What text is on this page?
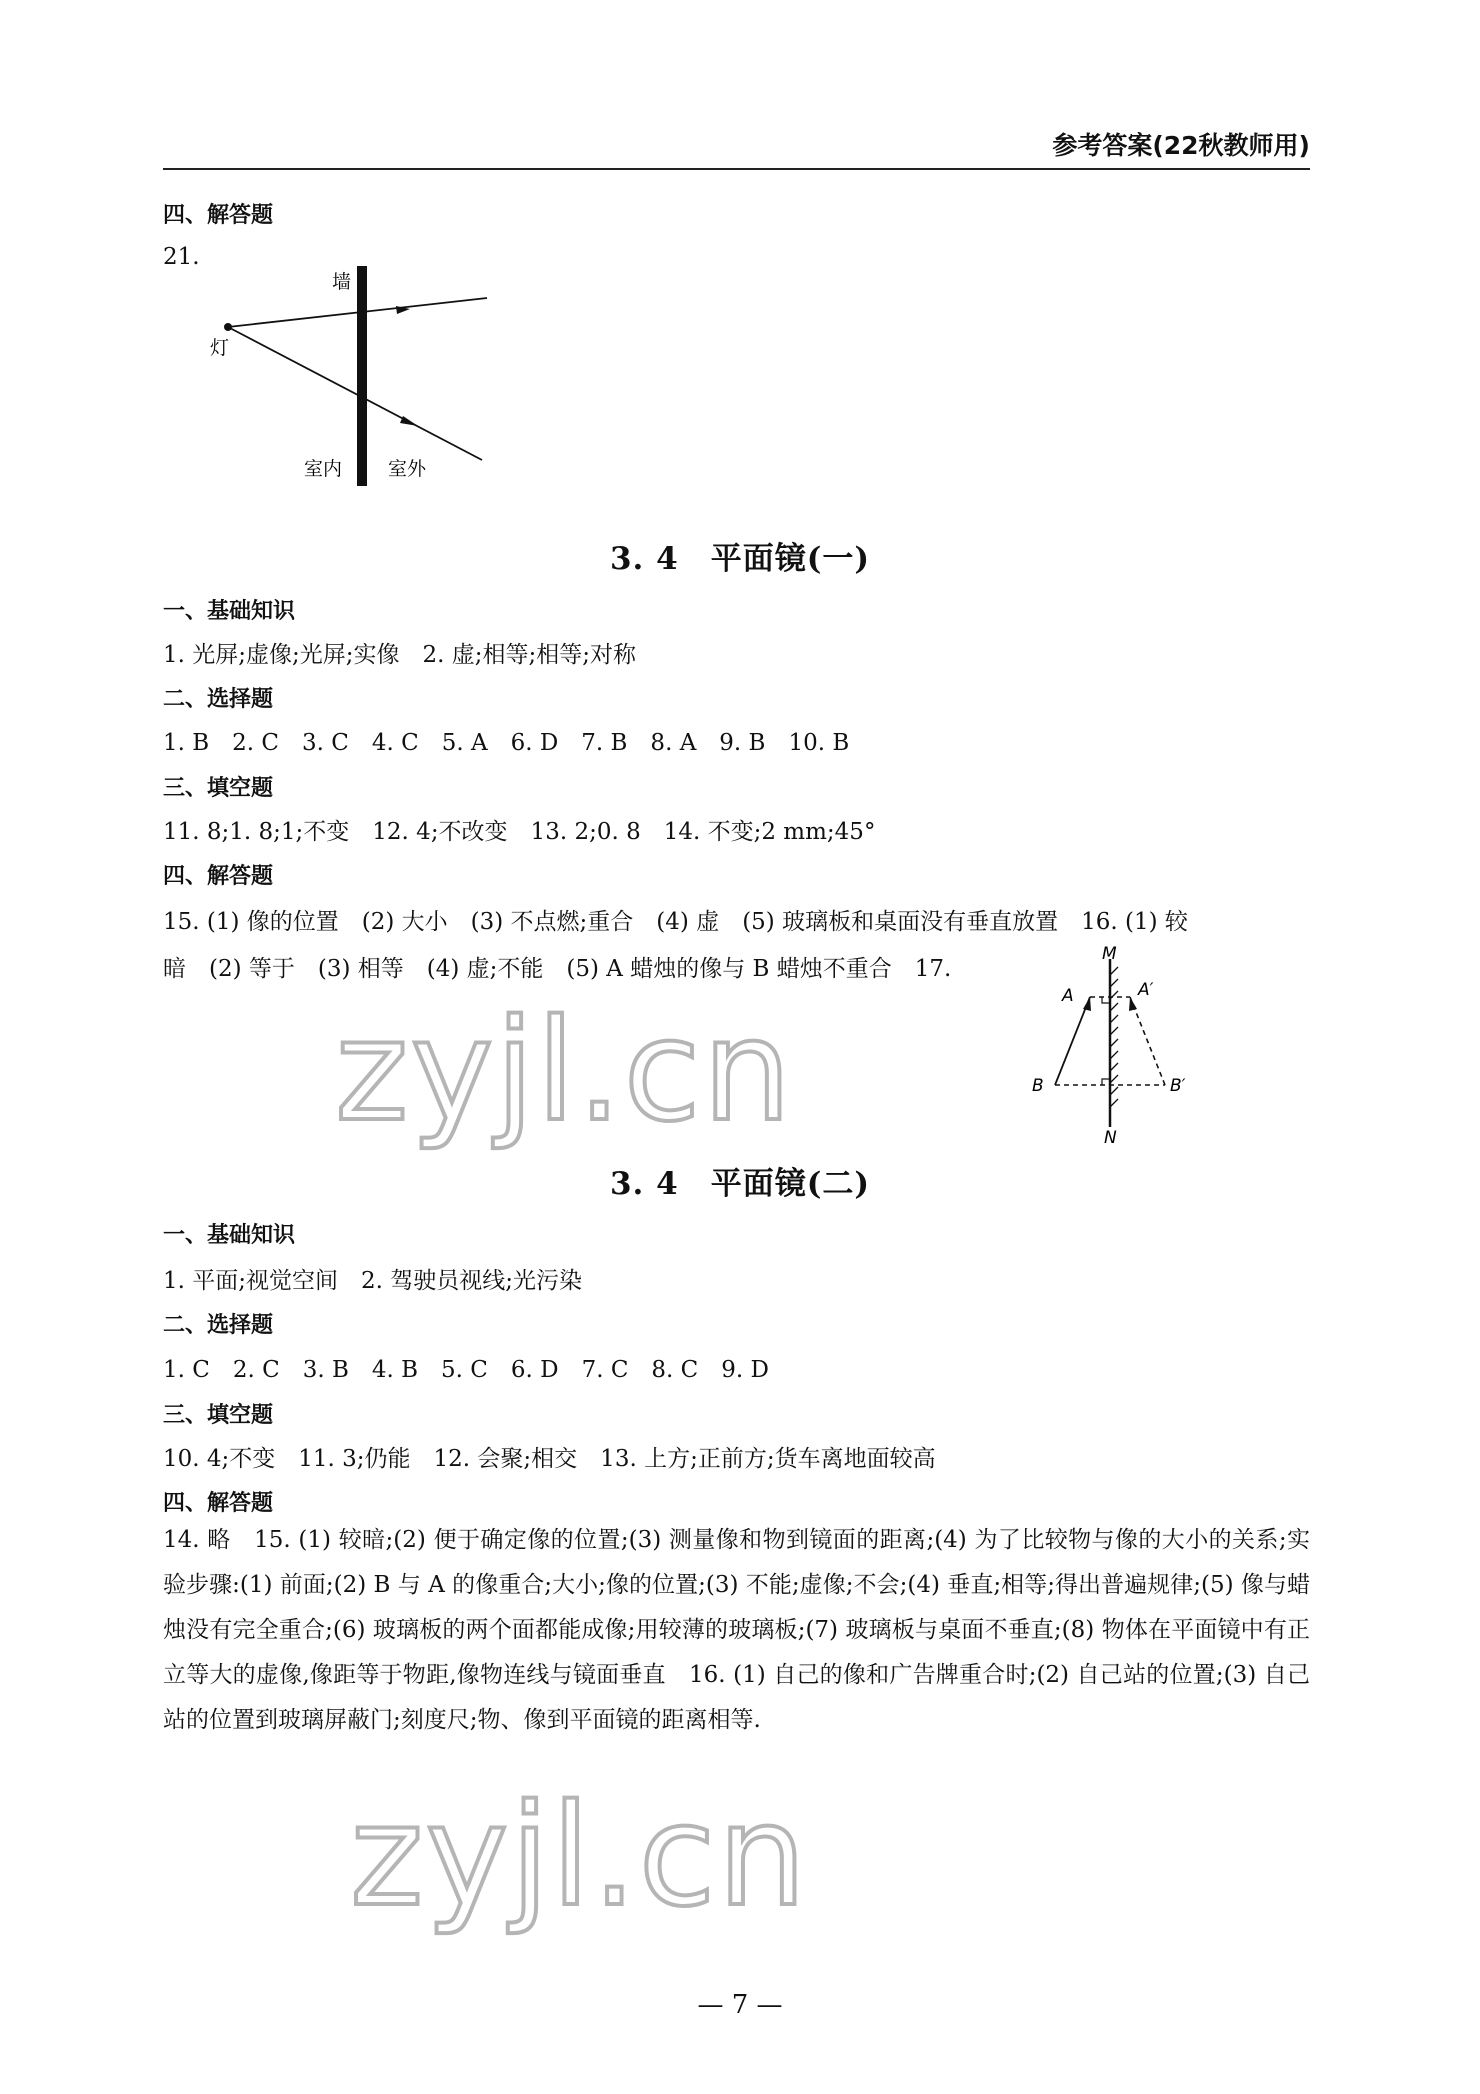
参考答案(22秋教师用)
四、解答题
21.
墙
灯
室内 室外
3. 4　平面镜(一)
一、基础知识
1. 光屏;虚像;光屏;实像　2. 虚;相等;相等;对称
二、选择题
1. B　2. C　3. C　4. C　5. A　6. D　7. B　8. A　9. B　10. B
三、填空题
11. 8;1. 8;1;不变　12. 4;不改变　13. 2;0. 8　14. 不变;2 mm;45°
四、解答题
15. (1) 像的位置　(2) 大小　(3) 不点燃;重合　(4) 虚　(5) 玻璃板和桌面没有垂直放置　16. (1) 较
暗　(2) 等于　(3) 相等　(4) 虚;不能　(5) A 蜡烛的像与 B 蜡烛不重合　17.
M
N
A	A′
B	B′
zyjl.cn
3. 4　平面镜(二)
一、基础知识
1. 平面;视觉空间　2. 驾驶员视线;光污染
二、选择题
1. C　2. C　3. B　4. B　5. C　6. D　7. C　8. C　9. D
三、填空题
10. 4;不变　11. 3;仍能　12. 会聚;相交　13. 上方;正前方;货车离地面较高
四、解答题
14. 略　15. (1) 较暗;(2) 便于确定像的位置;(3) 测量像和物到镜面的距离;(4) 为了比较物与像的大小的关系;实验步骤:(1) 前面;(2) B 与 A 的像重合;大小;像的位置;(3) 不能;虚像;不会;(4) 垂直;相等;得出普遍规律;(5) 像与蜡烛没有完全重合;(6) 玻璃板的两个面都能成像;用较薄的玻璃板;(7) 玻璃板与桌面不垂直;(8) 物体在平面镜中有正立等大的虚像,像距等于物距,像物连线与镜面垂直　16. (1) 自己的像和广告牌重合时;(2) 自己站的位置;(3) 自己站的位置到玻璃屏蔽门;刻度尺;物、像到平面镜的距离相等.
zyjl.cn
— 7 —
